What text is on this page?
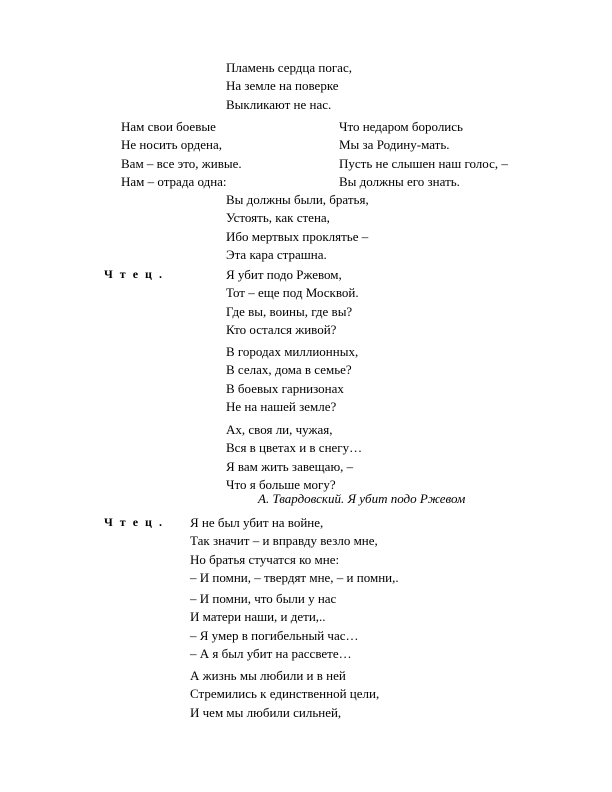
Пламень сердца погас,
На земле на поверке
Выкликают не нас.
Нам свои боевые
Не носить ордена,
Вам – все это, живые.
Нам – отрада одна:
Что недаром боролись
Мы за Родину-мать.
Пусть не слышен наш голос, –
Вы должны его знать.
Вы должны были, братья,
Устоять, как стена,
Ибо мертвых проклятье –
Эта кара страшна.
Ч т е ц .	Я убит подо Ржевом,
Тот – еще под Москвой.
Где вы, воины, где вы?
Кто остался живой?
В городах миллионных,
В селах, дома в семье?
В боевых гарнизонах
Не на нашей земле?
Ах, своя ли, чужая,
Вся в цветах и в снегу…
Я вам жить завещаю, –
Что я больше могу?
А. Твардовский. Я убит подо Ржевом
Ч т е ц . Я не был убит на войне,
Так значит – и вправду везло мне,
Но братья стучатся ко мне:
– И помни, – твердят мне, – и помни,.
– И помни, что были у нас
И матери наши, и дети,..
– Я умер в погибельный час…
– А я был убит на рассвете…
А жизнь мы любили и в ней
Стремились к единственной цели,
И чем мы любили сильней,
